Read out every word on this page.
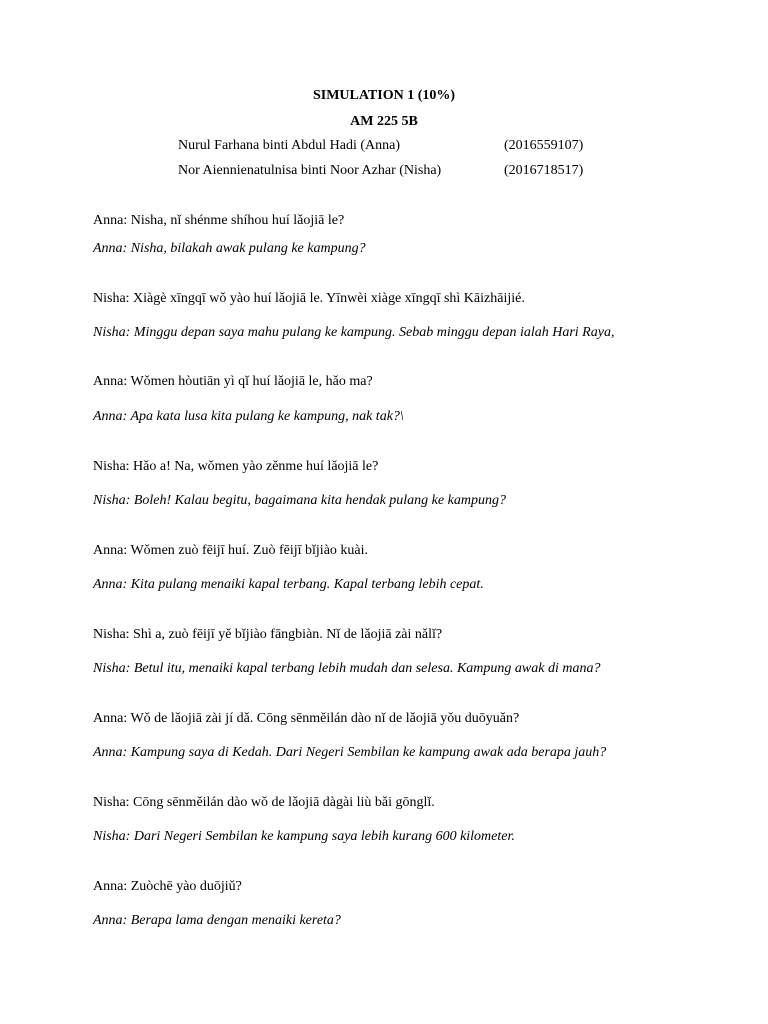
SIMULATION 1 (10%)
AM 225 5B
Nurul Farhana binti Abdul Hadi (Anna)	(2016559107)
Nor Aiennienatulnisa binti Noor Azhar (Nisha)	(2016718517)
Anna: Nisha, nǐ shénme shíhou huí lǎojiā le?
Anna: Nisha, bilakah awak pulang ke kampung?
Nisha: Xiàgè xīngqī wǒ yào huí lǎojiā le. Yīnwèi xiàge xīngqī shì Kāizhāijié.
Nisha: Minggu depan saya mahu pulang ke kampung. Sebab minggu depan ialah Hari Raya,
Anna: Wǒmen hòutiān yì qǐ huí lǎojiā le, hǎo ma?
Anna: Apa kata lusa kita pulang ke kampung, nak tak?\
Nisha: Hǎo a! Na, wǒmen yào zěnme huí lǎojiā le?
Nisha: Boleh! Kalau begitu, bagaimana kita hendak pulang ke kampung?
Anna: Wǒmen zuò fēijī huí. Zuò fēijī bǐjiào kuài.
Anna: Kita pulang menaiki kapal terbang. Kapal terbang lebih cepat.
Nisha: Shì a, zuò fēijī yě bǐjiào fāngbiàn. Nǐ de lǎojiā zài nǎlǐ?
Nisha: Betul itu, menaiki kapal terbang lebih mudah dan selesa. Kampung awak di mana?
Anna: Wǒ de lǎojiā zài jí dǎ. Cōng sēnměilán dào nǐ de lǎojiā yǒu duōyuǎn?
Anna: Kampung saya di Kedah. Dari Negeri Sembilan ke kampung awak ada berapa jauh?
Nisha: Cōng sēnměilán dào wǒ de lǎojiā dàgài liù bǎi gōnglǐ.
Nisha: Dari Negeri Sembilan ke kampung saya lebih kurang 600 kilometer.
Anna: Zuòchē yào duōjiǔ?
Anna: Berapa lama dengan menaiki kereta?
